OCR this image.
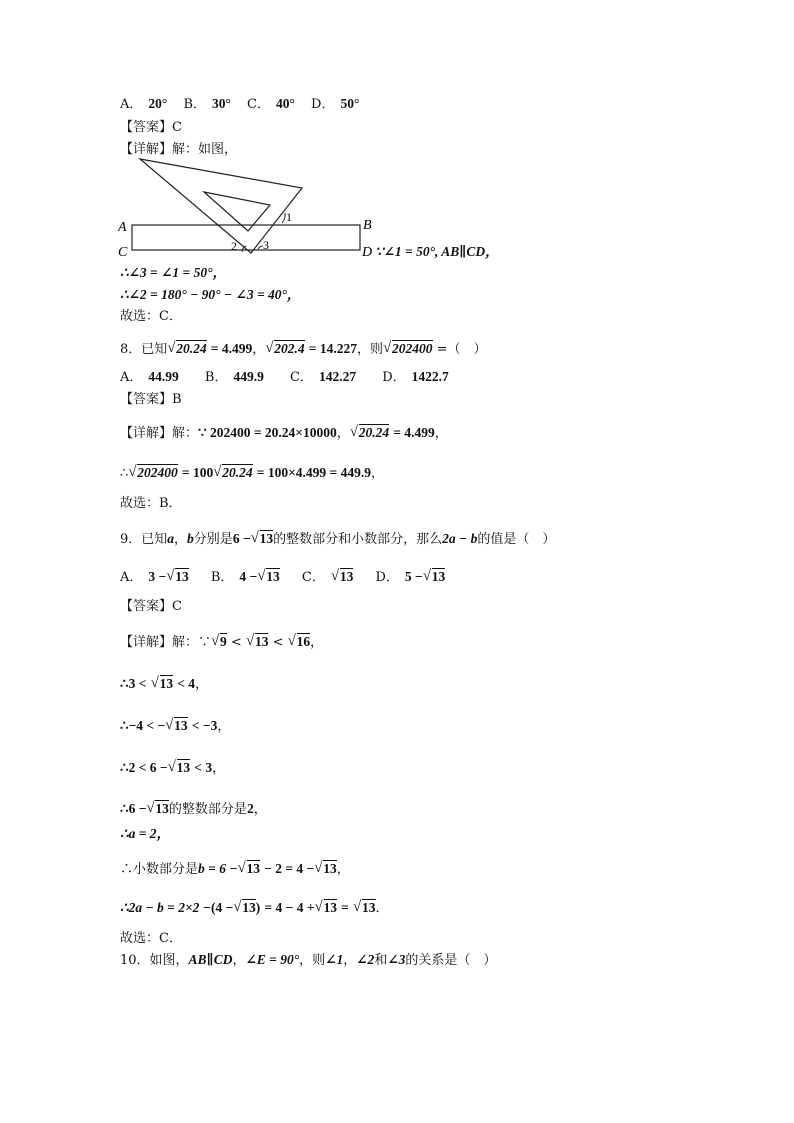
A． 20° B． 30° C． 40° D． 50°
【答案】C
【详解】解：如图，
A	B
C	D
1
2 3	∵∠1 = 50°, AB∥CD，
∴∠3 = ∠1 = 50°，
∴∠2 = 180° − 90° − ∠3 = 40°，
故选：C．
8．已知 √ 20.24 = 4.499， √ 202.4 = 14.227，则 √ 202400 =（　）
A． 44.99 B． 449.9 C． 142.27 D． 1422.7
【答案】B
【详解】解：∵ 202400 = 20.24×10000， √ 20.24 = 4.499，
∴ √ 202400 = 100 √ 20.24 = 100×4.499 = 449.9，
故选：B．
9．已知a，b分别是6 − √ 13的整数部分和小数部分，那么2a − b的值是（　）
A． 3 − √ 13 B． 4 − √ 13 C． √ 13 D． 5 − √ 13
【答案】C
【详解】解：∵ √ 9 < √ 13 < √ 16，
∴3 < √ 13 < 4，
∴−4 < − √ 13 < −3，
∴2 < 6 − √ 13 < 3，
∴6 − √ 13的整数部分是2，
∴a = 2，
∴小数部分是b = 6 − √ 13 − 2 = 4 − √ 13，
∴2a − b = 2×2 −(4 − √ 13) = 4 − 4 + √ 13 = √ 13．
故选：C．
10．如图，AB∥CD，∠E = 90°，则∠1，∠2和∠3的关系是（　）
